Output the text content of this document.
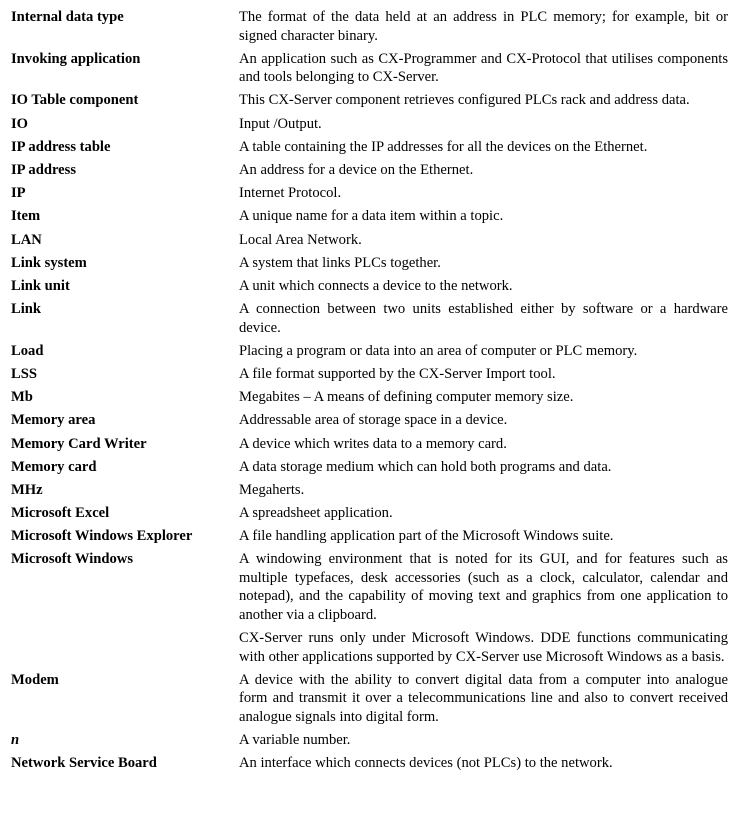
Internal data type	The format of the data held at an address in PLC memory; for example, bit or signed character binary.

Invoking application	An application such as CX-Programmer and CX-Protocol that utilises components and tools belonging to CX-Server.

IO Table component	This CX-Server component retrieves configured PLCs rack and address data.

IO	Input /Output.

IP address table	A table containing the IP addresses for all the devices on the Ethernet.

IP address	An address for a device on the Ethernet.

IP	Internet Protocol.

Item	A unique name for a data item within a topic.

LAN	Local Area Network.

Link system	A system that links PLCs together.

Link unit	A unit which connects a device to the network.

Link	A connection between two units established either by software or a hardware device.

Load	Placing a program or data into an area of computer or PLC memory.

LSS	A file format supported by the CX-Server Import tool.

Mb	Megabites – A means of defining computer memory size.

Memory area	Addressable area of storage space in a device.

Memory Card Writer	A device which writes data to a memory card.

Memory card	A data storage medium which can hold both programs and data.

MHz	Megaherts.

Microsoft Excel	A spreadsheet application.

Microsoft Windows Explorer	A file handling application part of the Microsoft Windows suite.

Microsoft Windows	A windowing environment that is noted for its GUI, and for features such as multiple typefaces, desk accessories (such as a clock, calculator, calendar and notepad), and the capability of moving text and graphics from one application to another via a clipboard.

CX-Server runs only under Microsoft Windows. DDE functions communicating with other applications supported by CX-Server use Microsoft Windows as a basis.

Modem	A device with the ability to convert digital data from a computer into analogue form and transmit it over a telecommunications line and also to convert received analogue signals into digital form.

n	A variable number.

Network Service Board	An interface which connects devices (not PLCs) to the network.
